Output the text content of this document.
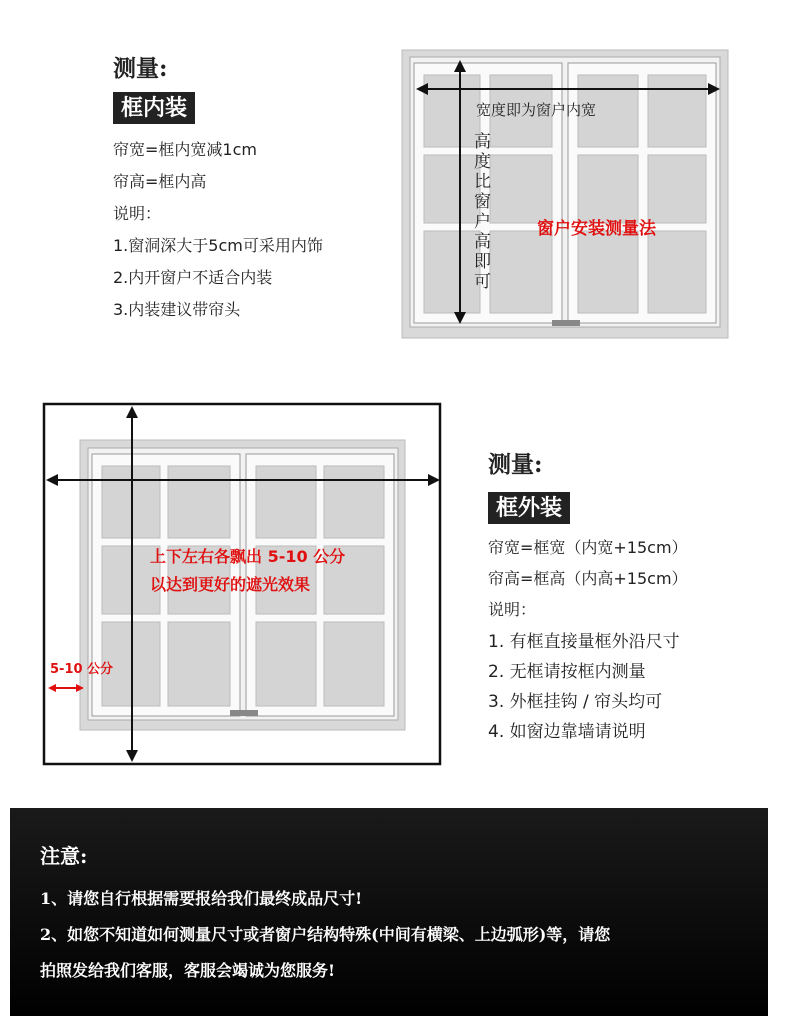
测量:
框内装
帘宽=框内宽减1cm
帘高=框内高
说明：
1.窗洞深大于5cm可采用内饰
2.内开窗户不适合内装
3.内装建议带帘头
宽度即为窗户内宽
高度比窗户高即可
窗户安装测量法
上下左右各飘出 5-10 公分
以达到更好的遮光效果
5-10 公分
测量:
框外装
帘宽=框宽（内宽+15cm）
帘高=框高（内高+15cm）
说明：
1. 有框直接量框外沿尺寸
2. 无框请按框内测量
3. 外框挂钩 / 帘头均可
4. 如窗边靠墙请说明
注意:
1、请您自行根据需要报给我们最终成品尺寸!
2、如您不知道如何测量尺寸或者窗户结构特殊(中间有横梁、上边弧形)等，请您
拍照发给我们客服，客服会竭诚为您服务!
